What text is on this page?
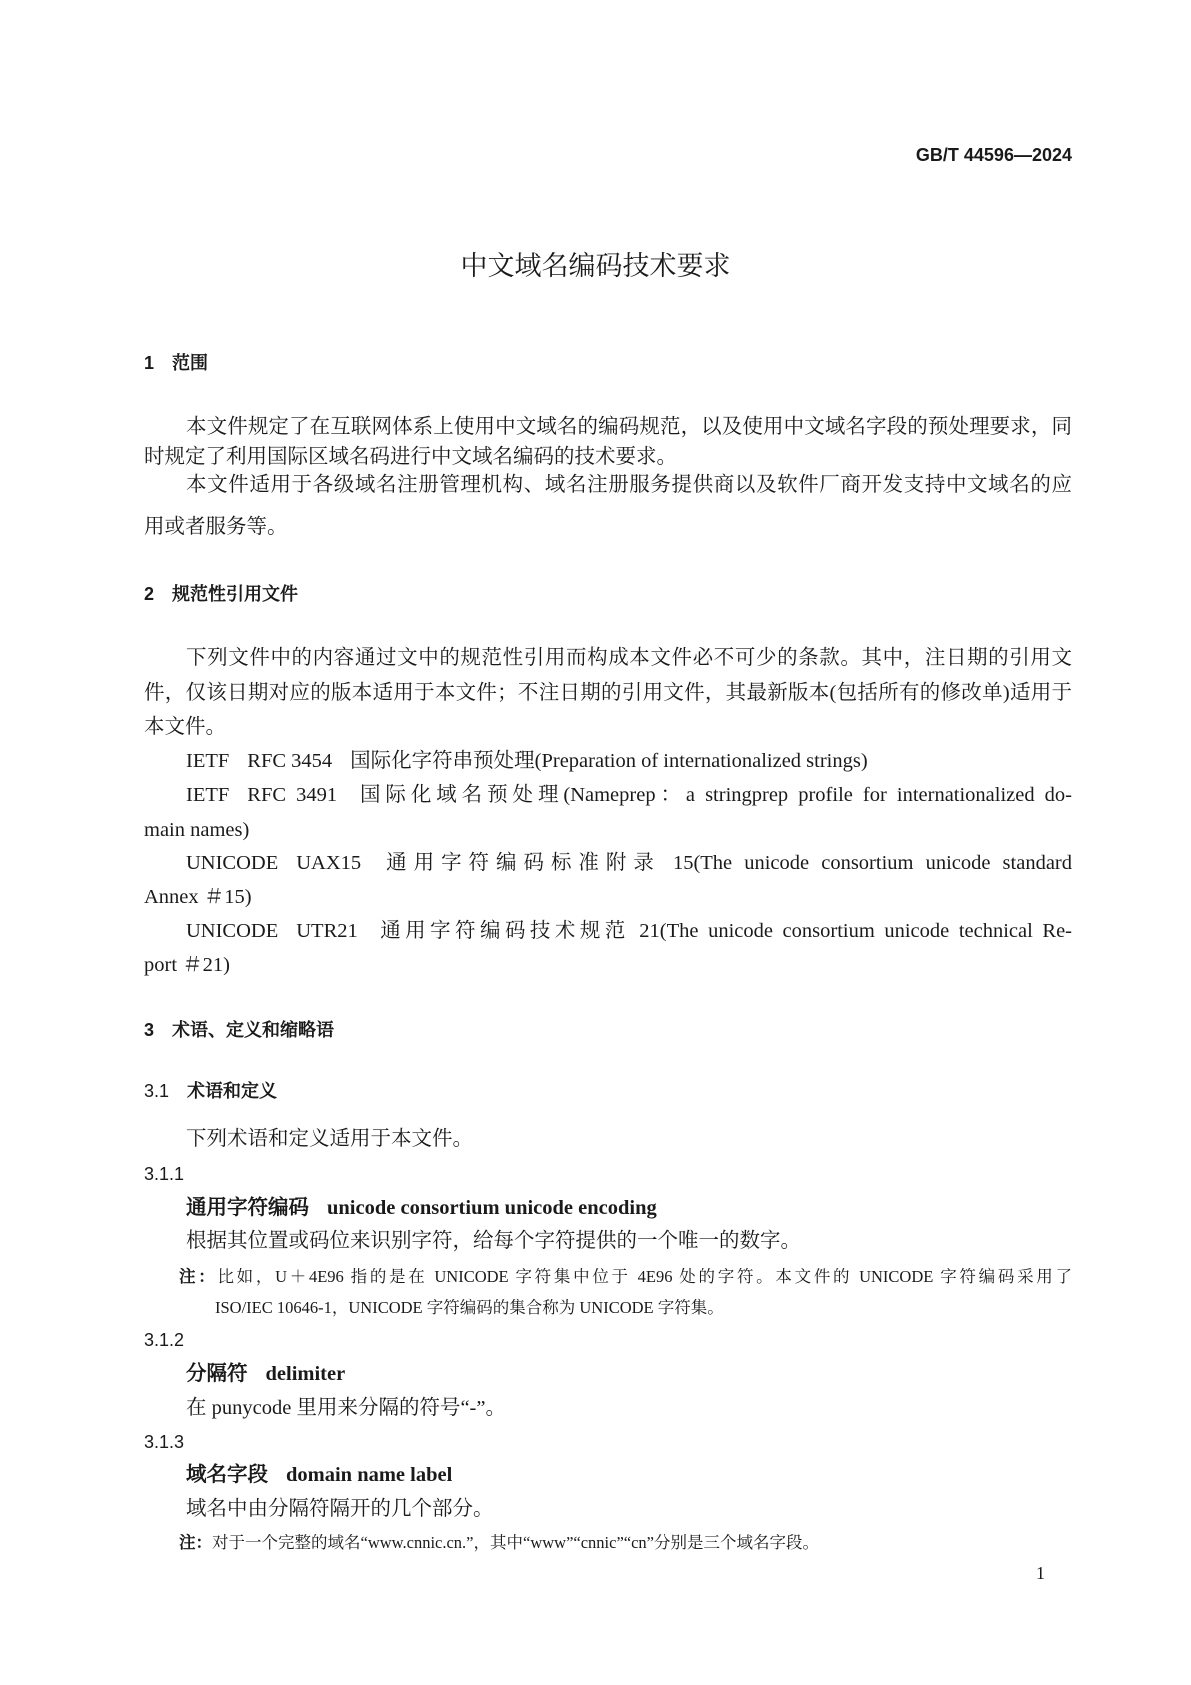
GB/T 44596—2024
中文域名编码技术要求
1 范围
本文件规定了在互联网体系上使用中文域名的编码规范，以及使用中文域名字段的预处理要求，同
时规定了利用国际区域名码进行中文域名编码的技术要求。
本文件适用于各级域名注册管理机构、域名注册服务提供商以及软件厂商开发支持中文域名的应
用或者服务等。
2 规范性引用文件
下列文件中的内容通过文中的规范性引用而构成本文件必不可少的条款。其中，注日期的引用文
件，仅该日期对应的版本适用于本文件；不注日期的引用文件，其最新版本(包括所有的修改单)适用于
本文件。
IETF RFC 3454 国际化字符串预处理(Preparation of internationalized strings)
IETF RFC 3491 国际化域名预处理(Nameprep：a stringprep profile for internationalized do-
main names)
UNICODE UAX15 通用字符编码标准附录 15(The unicode consortium unicode standard
Annex ＃15)
UNICODE UTR21 通用字符编码技术规范 21(The unicode consortium unicode technical Re-
port ＃21)
3 术语、定义和缩略语
3.1 术语和定义
下列术语和定义适用于本文件。
3.1.1
通用字符编码 unicode consortium unicode encoding
根据其位置或码位来识别字符，给每个字符提供的一个唯一的数字。
注：比如，U＋4E96 指的是在 UNICODE 字符集中位于 4E96 处的字符。本文件的 UNICODE 字符编码采用了
ISO/IEC 10646-1，UNICODE 字符编码的集合称为 UNICODE 字符集。
3.1.2
分隔符 delimiter
在 punycode 里用来分隔的符号“-”。
3.1.3
域名字段 domain name label
域名中由分隔符隔开的几个部分。
注：对于一个完整的域名“www.cnnic.cn.”，其中“www”“cnnic”“cn”分别是三个域名字段。
1
